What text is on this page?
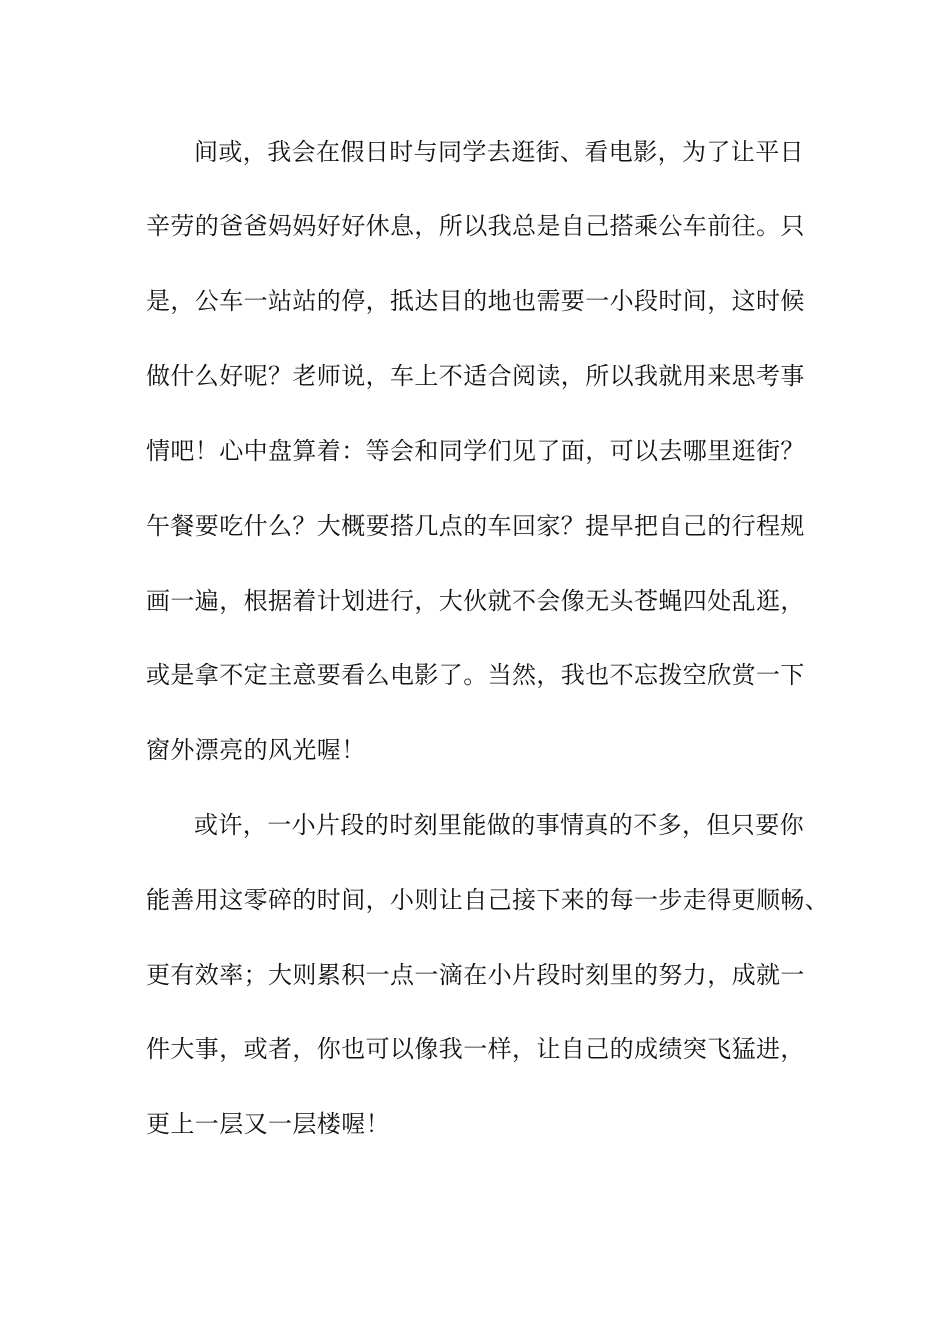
间或，我会在假日时与同学去逛街、看电影，为了让平日
辛劳的爸爸妈妈好好休息，所以我总是自己搭乘公车前往。只
是，公车一站站的停，抵达目的地也需要一小段时间，这时候
做什么好呢？老师说，车上不适合阅读，所以我就用来思考事
情吧！心中盘算着：等会和同学们见了面，可以去哪里逛街？
午餐要吃什么？大概要搭几点的车回家？提早把自己的行程规
画一遍，根据着计划进行，大伙就不会像无头苍蝇四处乱逛，
或是拿不定主意要看么电影了。当然，我也不忘拨空欣赏一下
窗外漂亮的风光喔！
或许，一小片段的时刻里能做的事情真的不多，但只要你
能善用这零碎的时间，小则让自己接下来的每一步走得更顺畅、
更有效率；大则累积一点一滴在小片段时刻里的努力，成就一
件大事，或者，你也可以像我一样，让自己的成绩突飞猛进，
更上一层又一层楼喔！
